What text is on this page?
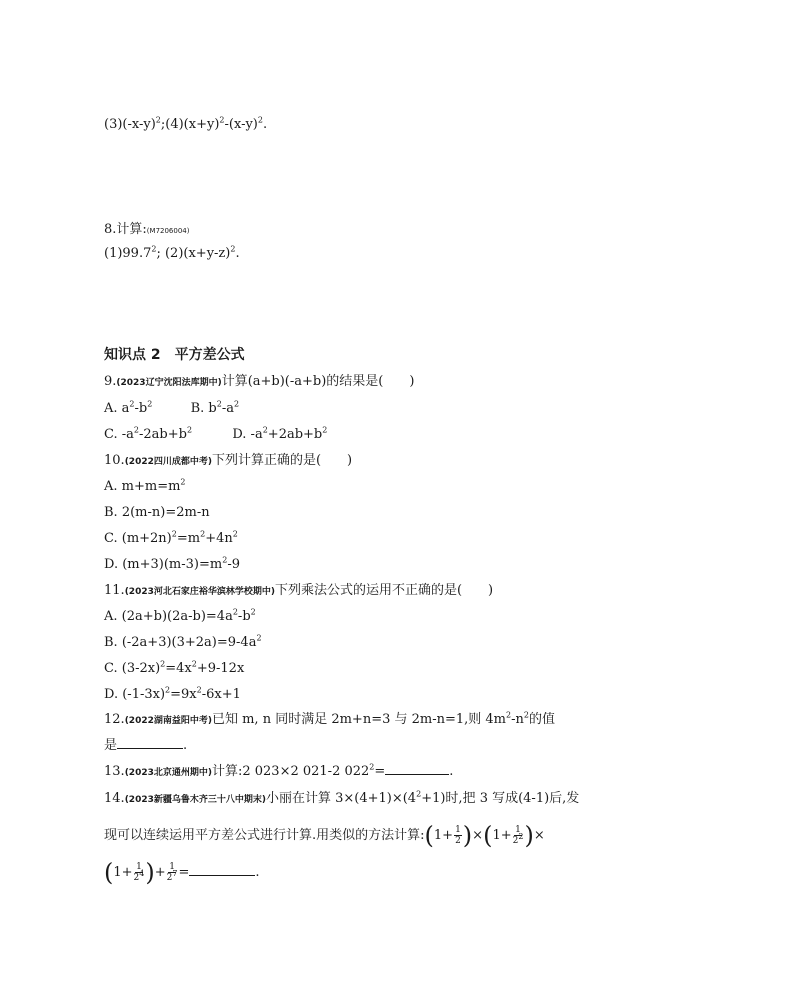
$(3)(-x-y)^2;(4)(x+y)^2-(x-y)^2$.
8.计算:(M7206004)
(1)99.7$^2$; $(2)(x+y-z)^2$.
知识点 2　平方差公式
9.(2023辽宁沈阳法库期中)计算(a+b)(-a+b)的结果是( )
A. $a^2-b^2$	B. $b^2-a^2$
C. $-a^2-2ab+b^2$	D. $-a^2+2ab+b^2$
10.(2022四川成都中考)下列计算正确的是( )
A. $m+m=m^2$
B. 2(m-n)=2m-n
C. $(m+2n)^2=m^2+4n^2$
D. $(m+3)(m-3)=m^2-9$
11.(2023河北石家庄裕华滨林学校期中)下列乘法公式的运用不正确的是( )
A. $(2a+b)(2a-b)=4a^2-b^2$
B. $(-2a+3)(3+2a)=9-4a^2$
C. $(3-2x)^2=4x^2+9-12x$
D. $(-1-3x)^2=9x^2-6x+1$
12.(2022湖南益阳中考)已知 m, n 同时满足 2m+n=3 与 2m-n=1,则 $4m^2-n^2$的值
是	.
13.(2023北京通州期中)计算:2 023×2 021-2 $022^2=$	.
14.(2023新疆乌鲁木齐三十八中期末)小丽在计算 $3\times(4+1)\times(4^2+1)$时,把 3 写成(4-1)后,发
现可以连续运用平方差公式进行计算.用类似的方法计算:(1+ $\frac{1}{2} )\times(1+ \frac{1}{2^2}$ )×
($1+ \frac{1}{2^4}$ )+ $\frac{1}{2^7}$ =	.
